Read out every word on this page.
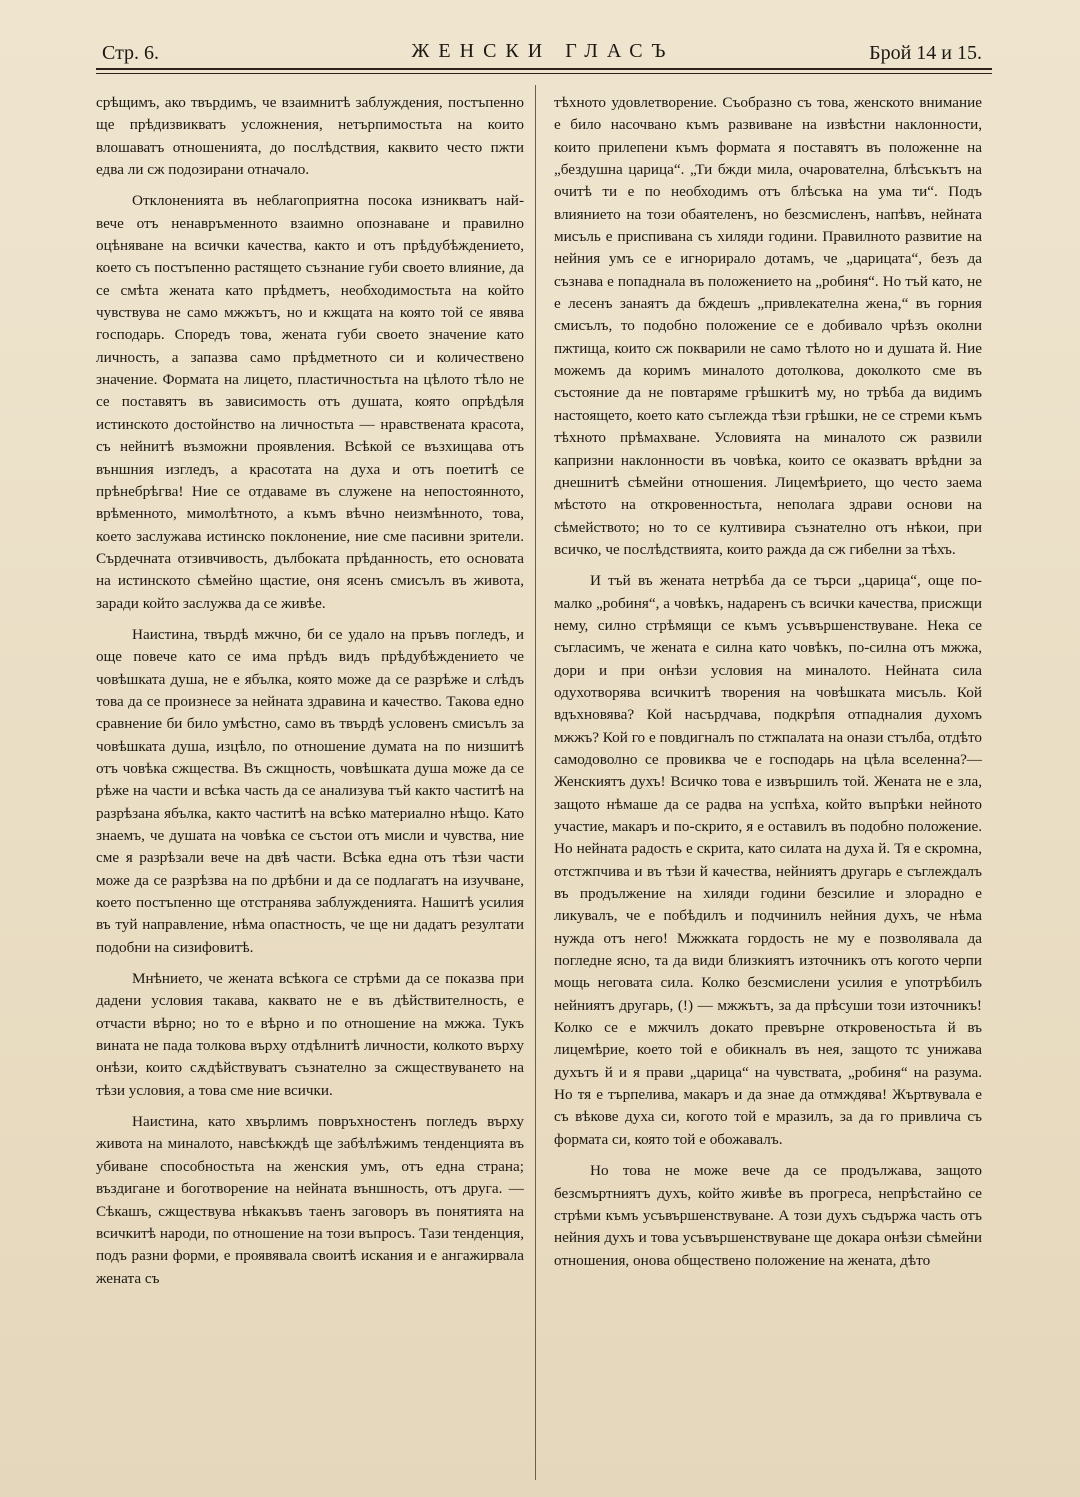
Стр. 6.	ЖЕНСКИ ГЛАСЪ	Брой 14 и 15.

срѣщимъ, ако твърдимъ, че взаимнитѣ заблуждения, постъпенно ще прѣдизвикватъ усложнения, нетърпимостьта на които влошаватъ отношенията, до послѣдствия, каквито често пжти едва ли сж подозирани отначало.

Отклоненията въ неблагоприятна посока изникватъ най-вече отъ ненавръменното взаимно опознаване и правилно оцѣняване на всички качества, както и отъ прѣдубѣждението, което съ постъпенно растящето съзнание губи своето влияние, да се смѣта жената като прѣдметъ, необходимостьта на който чувствува не само мжжътъ, но и кжщата на която той се явява господарь. Споредъ това, жената губи своето значение като личность, а запазва само прѣдметното си и количествено значение. Формата на лицето, пластичностьта на цѣлото тѣло не се поставятъ въ зависимость отъ душата, която опрѣдѣля истинското достойнство на личностьта — нравствената красота, съ нейнитѣ възможни проявления. Всѣкой се възхищава отъ външния изгледъ, а красотата на духа и отъ поетитѣ се прѣнебрѣгва! Ние се отдаваме въ служене на непостоянното, врѣменното, мимолѣтното, а къмъ вѣчно неизмѣнното, това, което заслужава истинско поклонение, ние сме пасивни зрители. Сърдечната отзивчивость, дълбоката прѣданность, ето основата на истинското сѣмейно щастие, оня ясенъ смисълъ въ живота, заради който заслужва да се живѣе.

Наистина, твърдѣ мжчно, би се удало на пръвъ погледъ, и още повече като се има прѣдъ видъ прѣдубѣждението че човѣшката душа, не е ябълка, която може да се разрѣже и слѣдъ това да се произнесе за нейната здравина и качество. Такова едно сравнение би било умѣстно, само въ твърдѣ условенъ смисълъ за човѣшката душа, изцѣло, по отношение думата на по низшитѣ отъ човѣка сжщества. Въ сжщность, човѣшката душа може да се рѣже на части и всѣка часть да се анализува тъй както частитѣ на разрѣзана ябълка, както частитѣ на всѣко материално нѣщо. Като знаемъ, че душата на човѣка се състои отъ мисли и чувства, ние сме я разрѣзали вече на двѣ части. Всѣка една отъ тѣзи части може да се разрѣзва на по дрѣбни и да се подлагатъ на изучване, което постъпенно ще отстранява заблужденията. Нашитѣ усилия въ туй направление, нѣма опастность, че ще ни дадатъ резултати подобни на сизифовитѣ.

Мнѣнието, че жената всѣкога се стрѣми да се показва при дадени условия такава, каквато не е въ дѣйствителность, е отчасти вѣрно; но то е вѣрно и по отношение на мжжа. Тукъ вината не пада толкова върху отдѣлнитѣ личности, колкото върху онѣзи, които сѫдѣйствуватъ съзнателно за сжществуването на тѣзи условия, а това сме ние всички.

Наистина, като хвърлимъ повръхностенъ погледъ върху живота на миналото, навсѣкждѣ ще забѣлѣжимъ тенденцията въ убиване способностьта на женския умъ, отъ една страна; въздигане и боготворение на нейната външность, отъ друга. — Сѣкашъ, сжществува нѣкакъвъ таенъ заговоръ въ понятията на всичкитѣ народи, по отношение на този въпросъ. Тази тенденция, подъ разни форми, е проявявала своитѣ искания и е ангажирвала жената съ

тѣхното удовлетворение. Съобразно съ това, женското внимание е било насочвано къмъ развиване на извѣстни наклонности, които прилепени къмъ формата я поставятъ въ положенне на „бездушна царица“. „Ти бжди мила, очарователна, блѣсъкътъ на очитѣ ти е по необходимъ отъ блѣсъка на ума ти“. Подъ влиянието на този обаятеленъ, но безсмисленъ, напѣвъ, нейната мисъль е приспивана съ хиляди години. Правилното развитие на нейния умъ се е игнорирало дотамъ, че „царицата“, безъ да съзнава е попаднала въ положението на „робиня“. Но тъй като, не е лесенъ занаятъ да бждешъ „привлекателна жена,“ въ горния смисълъ, то подобно положение се е добивало чрѣзъ околни пжтища, които сж покварили не само тѣлото но и душата й. Ние можемъ да коримъ миналото дотолкова, доколкото сме въ състояние да не повтаряме грѣшкитѣ му, но трѣба да видимъ настоящето, което като съглежда тѣзи грѣшки, не се стреми къмъ тѣхното прѣмахване. Условията на миналото сж развили капризни наклонности въ човѣка, които се оказватъ врѣдни за днешнитѣ сѣмейни отношения. Лицемѣрието, що често заема мѣстото на откровенностьта, неполага здрави основи на сѣмейството; но то се култивира съзнателно отъ нѣкои, при всичко, че послѣдствията, които ражда да сж гибелни за тѣхъ.

И тъй въ жената нетрѣба да се търси „царица“, още по-малко „робиня“, а човѣкъ, надаренъ съ всички качества, присжщи нему, силно стрѣмящи се къмъ усъвършенствуване. Нека се съгласимъ, че жената е силна като човѣкъ, по-силна отъ мжжа, дори и при онѣзи условия на миналото. Нейната сила одухотворява всичкитѣ творения на човѣшката мисъль. Кой вдъхновява? Кой насърдчава, подкрѣпя отпадналия духомъ мжжъ? Кой го е повдигналъ по стжпалата на онази стълба, отдѣто самодоволно се провиква че е господарь на цѣла вселенна?— Женскиятъ духъ! Всичко това е извършилъ той. Жената не е зла, защото нѣмаше да се радва на успѣха, който въпрѣки нейното участие, макаръ и по-скрито, я е оставилъ въ подобно положение. Но нейната радость е скрита, като силата на духа й. Тя е скромна, отстжпчива и въ тѣзи й качества, нейниятъ другарь е съглеждалъ въ продължение на хиляди години безсилие и злорадно е ликувалъ, че е побѣдилъ и подчинилъ нейния духъ, че нѣма нужда отъ него! Мжжката гордость не му е позволявала да погледне ясно, та да види близкиятъ източникъ отъ когото черпи мощь неговата сила. Колко безсмислени усилия е употрѣбилъ нейниятъ другарь, (!) — мжжътъ, за да прѣсуши този източникъ! Колко се е мжчилъ докато превърне откровеностьта й въ лицемѣрие, което той е обикналъ въ нея, защото тс унижава духътъ й и я прави „царица“ на чувствата, „робиня“ на разума. Но тя е търпелива, макаръ и да знае да отмждява! Жъртвувала е съ вѣкове духа си, когото той е мразилъ, за да го привлича съ формата си, която той е обожавалъ.

Но това не може вече да се продължава, защото безсмъртниятъ духъ, който живѣе въ прогреса, непрѣстайно се стрѣми къмъ усъвършенствуване. А този духъ съдържа часть отъ нейния духъ и това усъвършенствуване ще докара онѣзи сѣмейни отношения, онова обществено положение на жената, дѣто
